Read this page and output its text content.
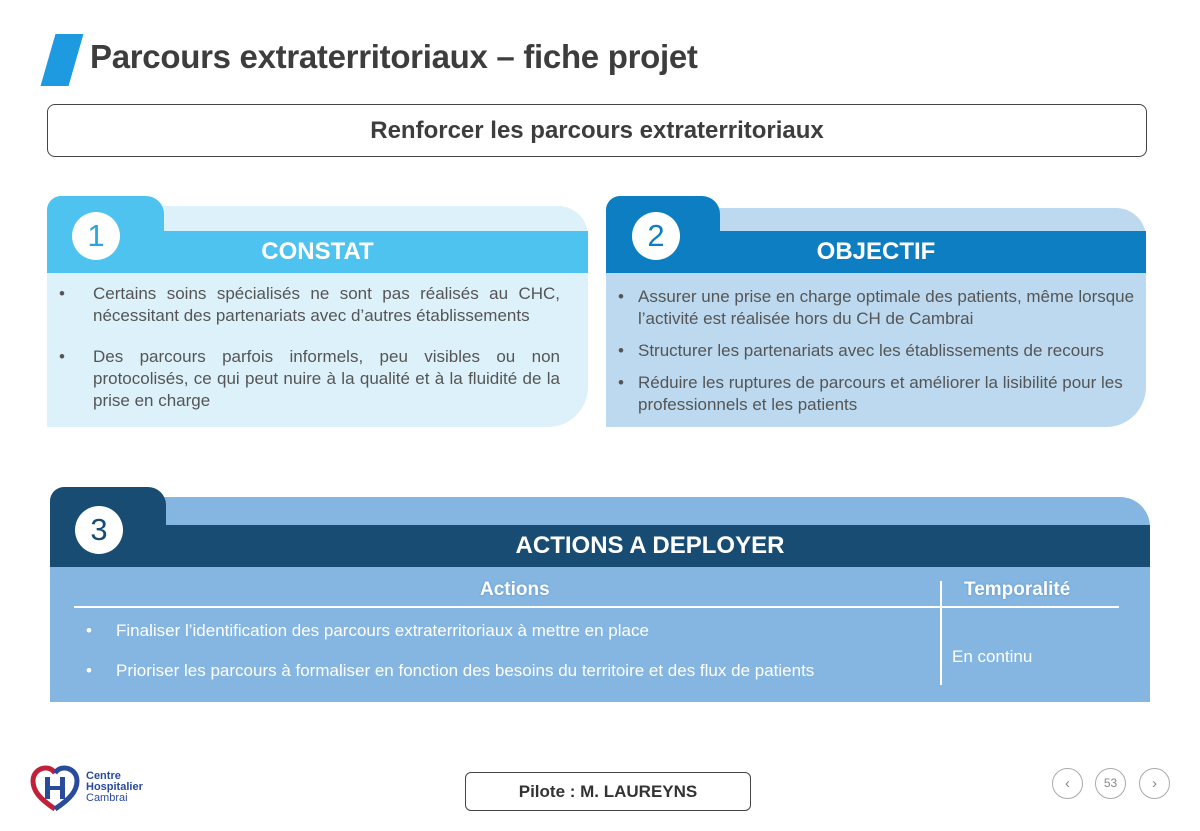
Parcours extraterritoriaux – fiche projet
Renforcer les parcours extraterritoriaux
CONSTAT
1
• Certains soins spécialisés ne sont pas réalisés au CHC, nécessitant des partenariats avec d’autres établissements
• Des parcours parfois informels, peu visibles ou non protocolisés, ce qui peut nuire à la qualité et à la fluidité de la prise en charge
OBJECTIF
2
• Assurer une prise en charge optimale des patients, même lorsque l’activité est réalisée hors du CH de Cambrai
• Structurer les partenariats avec les établissements de recours
• Réduire les ruptures de parcours et améliorer la lisibilité pour les professionnels et les patients
ACTIONS A DEPLOYER
3
Actions	Temporalité
• Finaliser l’identification des parcours extraterritoriaux à mettre en place
• Prioriser les parcours à formaliser en fonction des besoins du territoire et des flux de patients
En continu
Centre
Hospitalier
Cambrai	Pilote : M. LAUREYNS	‹	53	›
